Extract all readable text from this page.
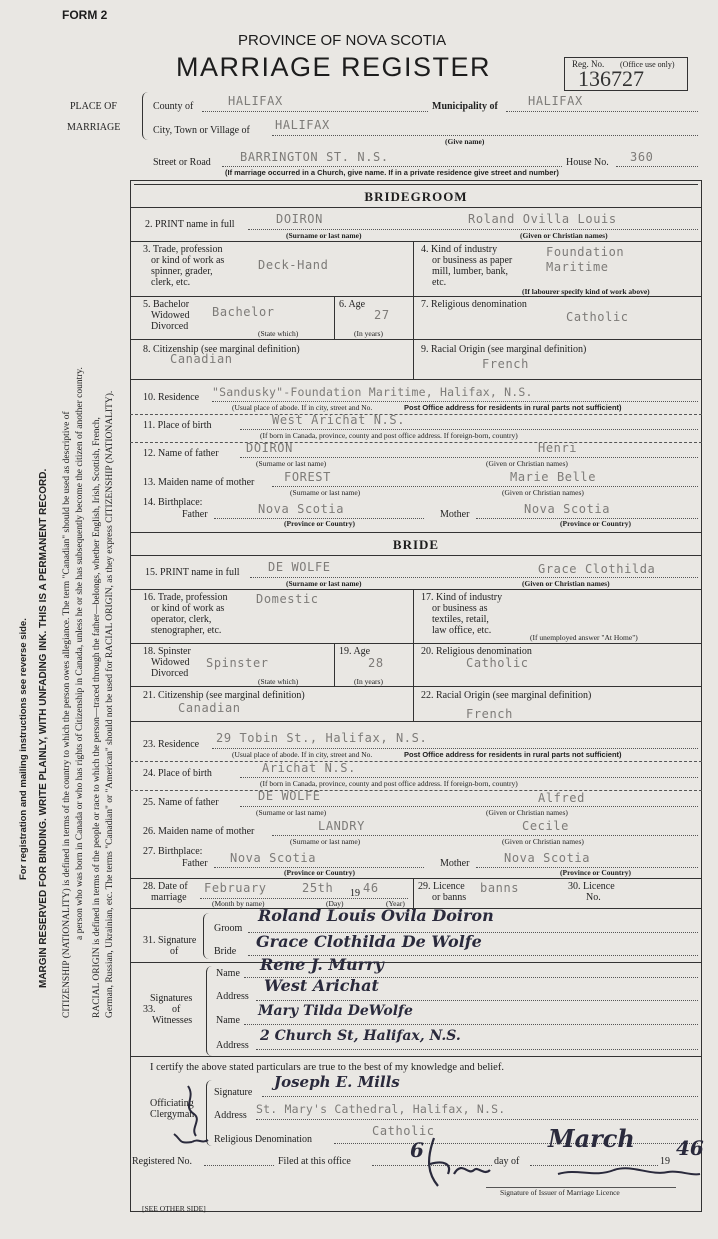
FORM 2
PROVINCE OF NOVA SCOTIA
MARRIAGE REGISTER	Reg. No. (Office use only)
136727
PLACE OF
MARRIAGE
County of	HALIFAX	Municipality of	HALIFAX
City, Town or Village of HALIFAX
(Give name)
Street or Road BARRINGTON ST. N.S.	House No. 360
(If marriage occurred in a Church, give name. If in a private residence give street and number)
BRIDEGROOM
2. PRINT name in full	DOIRON	Roland Ovilla Louis
(Surname or last name)	(Given or Christian names)
3. Trade, profession
or kind of work as
spinner, grader,
clerk, etc.
Deck-Hand
4. Kind of industry
or business as paper
mill, lumber, bank,
etc.
Foundation
Maritime
(If labourer specify kind of work above)
5. Bachelor
Widowed
Divorced
Bachelor
(State which)
6. Age
27
(In years)
7. Religious denomination
Catholic
8. Citizenship (see marginal definition)
Canadian
9. Racial Origin (see marginal definition)
French
10. Residence "Sandusky"-Foundation Maritime, Halifax, N.S.
(Usual place of abode. If in city, street and No.	Post Office address for residents in rural parts not sufficient)
11. Place of birth	West Arichat N.S.
(If born in Canada, province, county and post office address. If foreign-born, country)
12. Name of father DOIRON	Henri
(Surname or last name)	(Given or Christian names)
13. Maiden name of mother FOREST	Marie Belle
(Surname or last name)	(Given or Christian names)
14. Birthplace:
Father	Nova Scotia	Mother	Nova Scotia
(Province or Country)	(Province or Country)
BRIDE
15. PRINT name in full DE WOLFE	Grace Clothilda
(Surname or last name)	(Given or Christian names)
16. Trade, profession
or kind of work as
operator, clerk,
stenographer, etc.
Domestic	17. Kind of industry
or business as
textiles, retail,
law office, etc.
(If unemployed answer "At Home")
18. Spinster
Widowed
Divorced
Spinster
(State which)
19. Age
28
(In years)
20. Religious denomination
Catholic
21. Citizenship (see marginal definition)
Canadian
22. Racial Origin (see marginal definition)
French
23. Residence 29 Tobin St., Halifax, N.S.
(Usual place of abode. If in city, street and No.	Post Office address for residents in rural parts not sufficient)
24. Place of birth	Arichat N.S.
(If born in Canada, province, county and post office address. If foreign-born, country)
25. Name of father	DE WOLFE	Alfred
(Surname or last name)	(Given or Christian names)
26. Maiden name of mother	LANDRY	Cecile
(Surname or last name)	(Given or Christian names)
27. Birthplace:
Father Nova Scotia	Mother	Nova Scotia
(Province or Country)	(Province or Country)
28. Date of
marriage
February	25th 19 46
(Month by name)	(Day)	(Year)
29. Licence
or banns
banns	30. Licence
No.
31. Signature
of
Groom
Roland Louis Ovila Doiron
Bride
Grace Clothilda De Wolfe
Signatures
of
33.
Witnesses
Name Rene J. Murry
Address
West Arichat
Name
Mary Tilda DeWolfe
Address
2 Church St, Halifax, N.S.
I certify the above stated particulars are true to the best of my knowledge and belief.
Officiating
Clergyman
Signature
Joseph E. Mills
Address St. Mary's Cathedral, Halifax, N.S.
Religious Denomination
Catholic
Registered No.	Filed at this office	6	day of
March
19
46
Signature of Issuer of Marriage Licence
[SEE OTHER SIDE]
For registration and mailing instructions see reverse side. MARGIN RESERVED FOR BINDING. WRITE PLAINLY, WITH UNFADING INK. THIS IS A PERMANENT RECORD. CITIZENSHIP (NATIONALITY) is defined in terms of the country to which the person owes allegiance. The term "Canadian" should be used as descriptive of a person who was born in Canada or who has rights of Citizenship in Canada, unless he or she has subsequently become the citizen of another country. RACIAL ORIGIN is defined in terms of the people or race to which the person—traced through the father—belongs, whether English, Irish, Scottish, French, German, Russian, Ukrainian, etc. The terms "Canadian" or "American" should not be used for RACIAL ORIGIN, as they express CITIZENSHIP (NATIONALITY).
